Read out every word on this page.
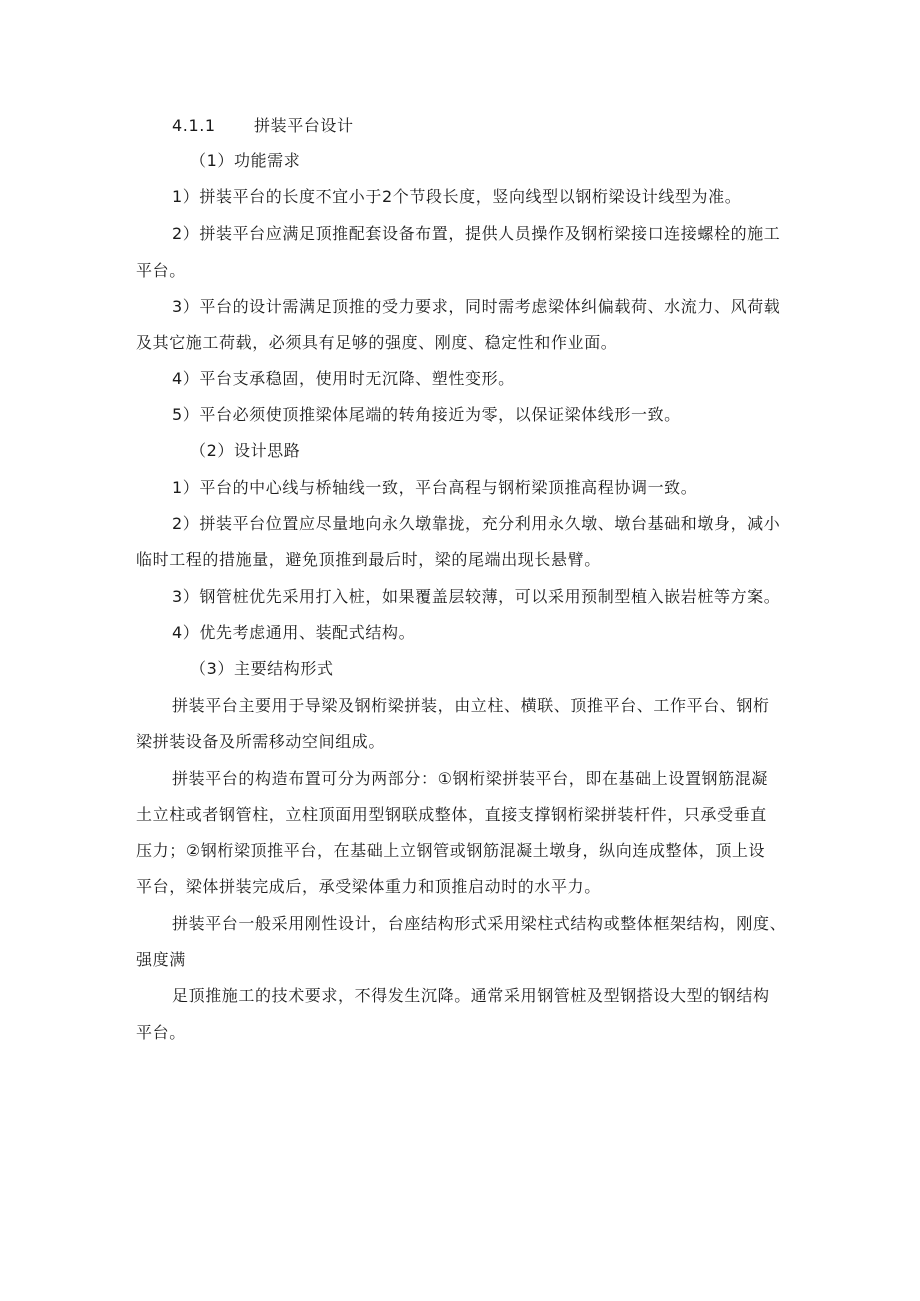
4.1.1 拼装平台设计
（1）功能需求
1）拼装平台的长度不宜小于2个节段长度，竖向线型以钢桁梁设计线型为准。
2）拼装平台应满足顶推配套设备布置，提供人员操作及钢桁梁接口连接螺栓的施工
平台。
3）平台的设计需满足顶推的受力要求，同时需考虑梁体纠偏载荷、水流力、风荷载
及其它施工荷载，必须具有足够的强度、刚度、稳定性和作业面。
4）平台支承稳固，使用时无沉降、塑性变形。
5）平台必须使顶推梁体尾端的转角接近为零，以保证梁体线形一致。
（2）设计思路
1）平台的中心线与桥轴线一致，平台高程与钢桁梁顶推高程协调一致。
2）拼装平台位置应尽量地向永久墩靠拢，充分利用永久墩、墩台基础和墩身，减小
临时工程的措施量，避免顶推到最后时，梁的尾端出现长悬臂。
3）钢管桩优先采用打入桩，如果覆盖层较薄，可以采用预制型植入嵌岩桩等方案。
4）优先考虑通用、装配式结构。
（3）主要结构形式
拼装平台主要用于导梁及钢桁梁拼装，由立柱、横联、顶推平台、工作平台、钢桁
梁拼装设备及所需移动空间组成。
拼装平台的构造布置可分为两部分：①钢桁梁拼装平台，即在基础上设置钢筋混凝
土立柱或者钢管柱，立柱顶面用型钢联成整体，直接支撑钢桁梁拼装杆件，只承受垂直
压力；②钢桁梁顶推平台，在基础上立钢管或钢筋混凝土墩身，纵向连成整体，顶上设
平台，梁体拼装完成后，承受梁体重力和顶推启动时的水平力。
拼装平台一般采用刚性设计，台座结构形式采用梁柱式结构或整体框架结构，刚度、
强度满
足顶推施工的技术要求，不得发生沉降。通常采用钢管桩及型钢搭设大型的钢结构
平台。
